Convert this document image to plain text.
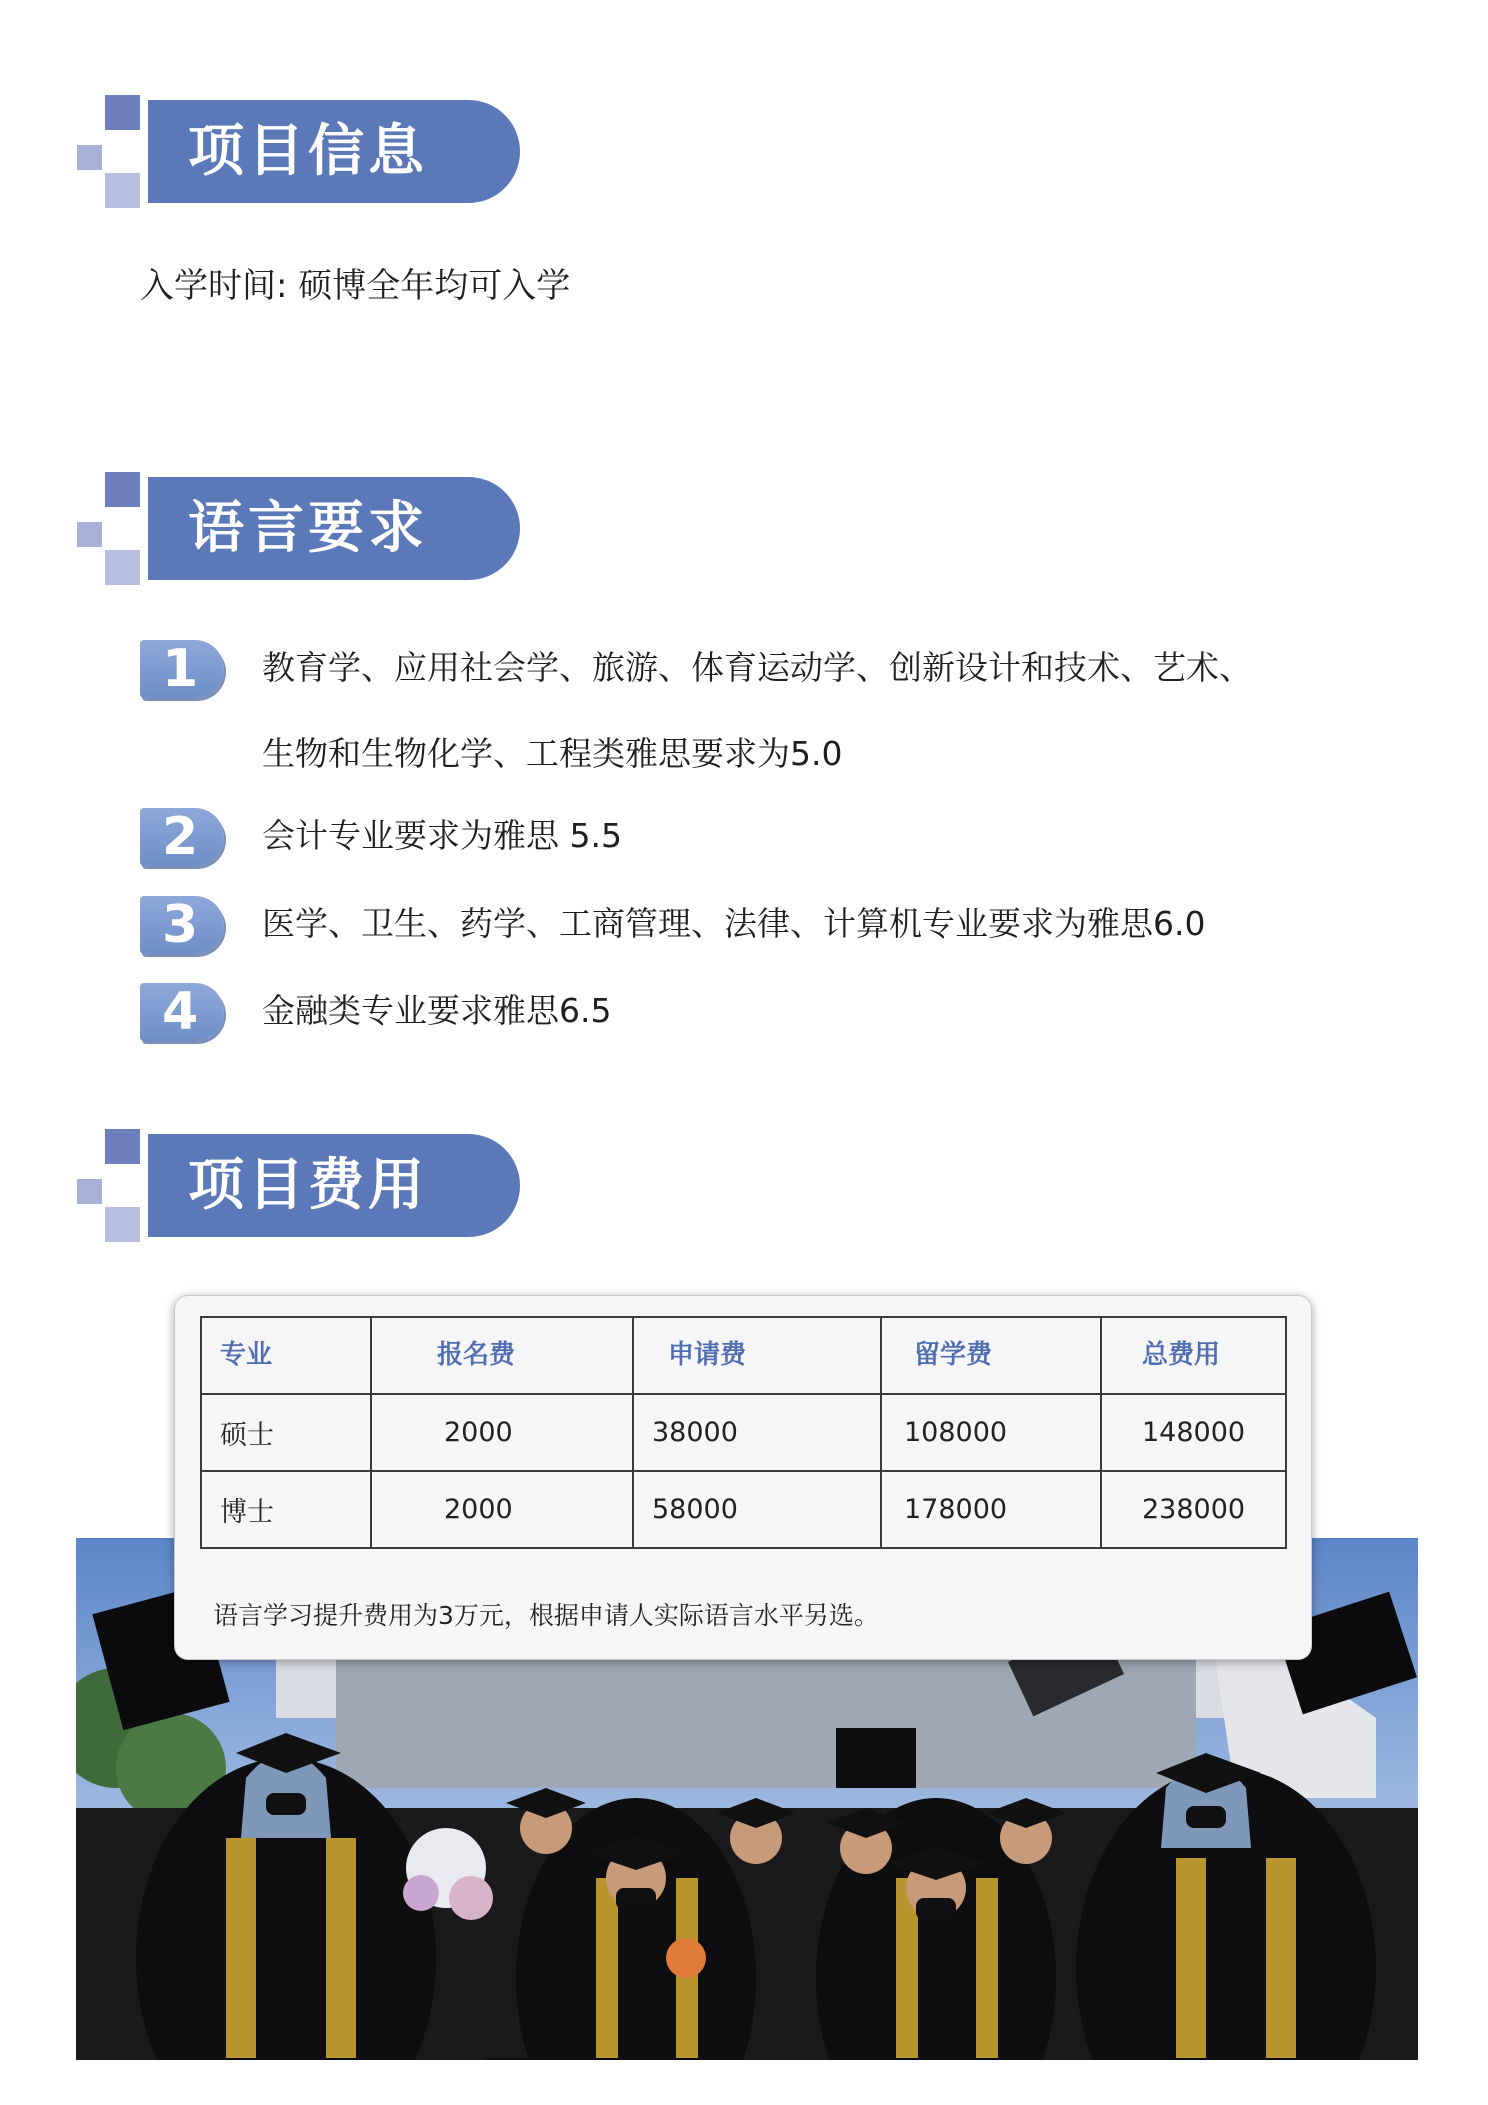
项目信息
入学时间: 硕博全年均可入学
语言要求
1	教育学、应用社会学、旅游、体育运动学、创新设计和技术、艺术、
生物和生物化学、工程类雅思要求为5.0
2	会计专业要求为雅思 5.5
3	医学、卫生、药学、工商管理、法律、计算机专业要求为雅思6.0
4	金融类专业要求雅思6.5
项目费用
专业	报名费	申请费	留学费	总费用
硕士	2000	38000	108000	148000
博士	2000	58000	178000	238000
语言学习提升费用为3万元，根据申请人实际语言水平另选。
